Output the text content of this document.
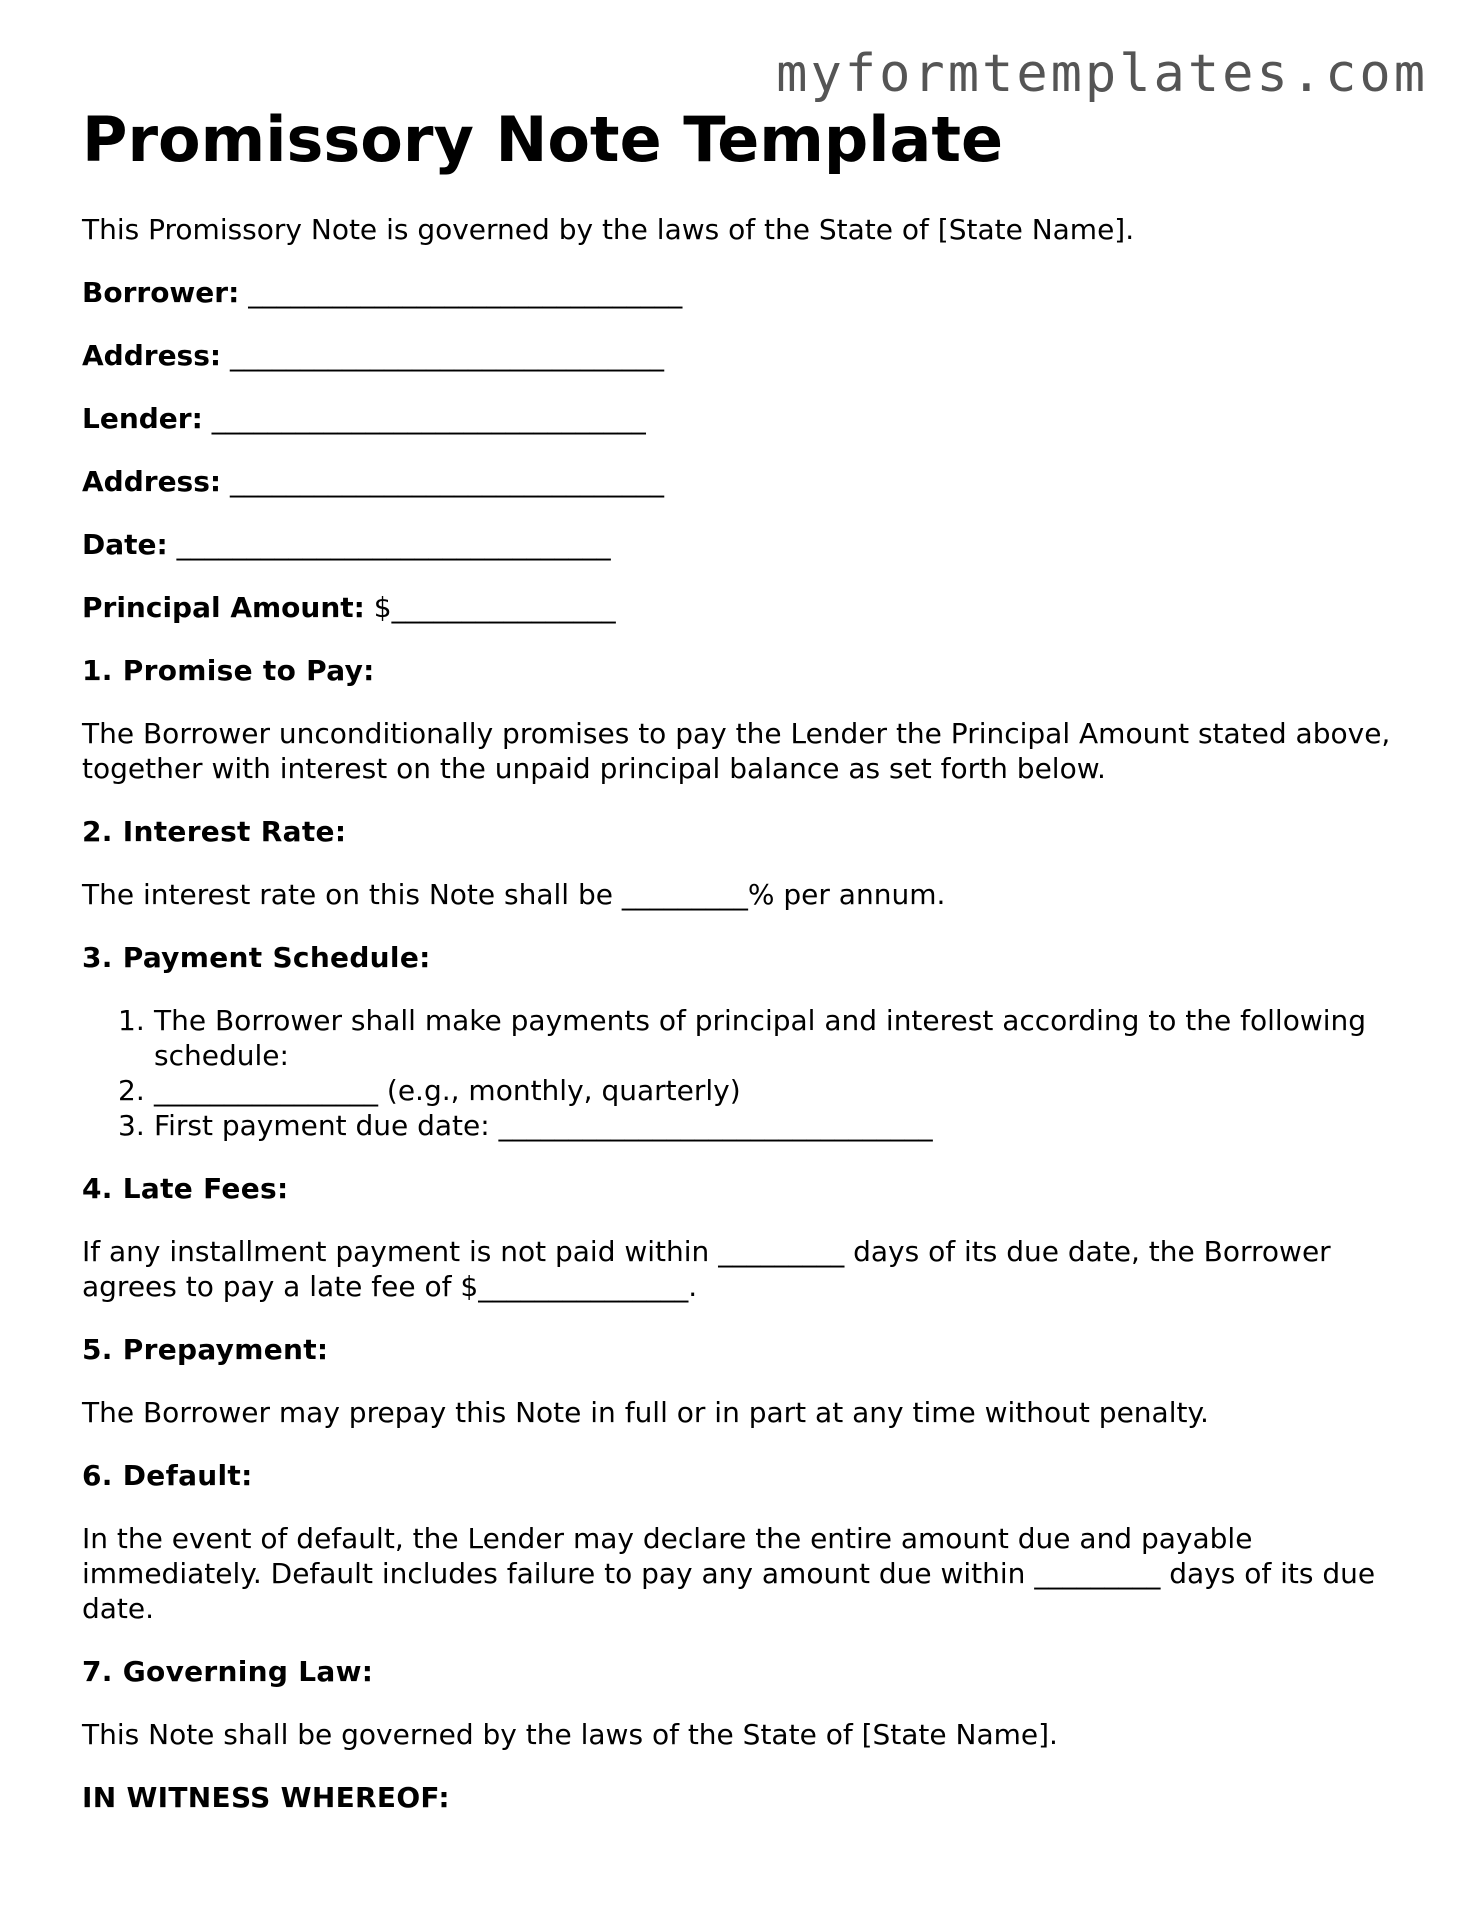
myformtemplates.com
Promissory Note Template

This Promissory Note is governed by the laws of the State of [State Name].

Borrower: _______________________________
Address: _______________________________
Lender: _______________________________
Address: _______________________________
Date: _______________________________
Principal Amount: $________________
1. Promise to Pay:

The Borrower unconditionally promises to pay the Lender the Principal Amount stated above, together with interest on the unpaid principal balance as set forth below.

2. Interest Rate:

The interest rate on this Note shall be _________% per annum.

3. Payment Schedule:
1. The Borrower shall make payments of principal and interest according to the following schedule:
2. ________________ (e.g., monthly, quarterly)
3. First payment due date: _______________________________
4. Late Fees:

If any installment payment is not paid within _________ days of its due date, the Borrower agrees to pay a late fee of $_______________.

5. Prepayment:

The Borrower may prepay this Note in full or in part at any time without penalty.

6. Default:

In the event of default, the Lender may declare the entire amount due and payable immediately. Default includes failure to pay any amount due within _________ days of its due date.

7. Governing Law:

This Note shall be governed by the laws of the State of [State Name].

IN WITNESS WHEREOF:
